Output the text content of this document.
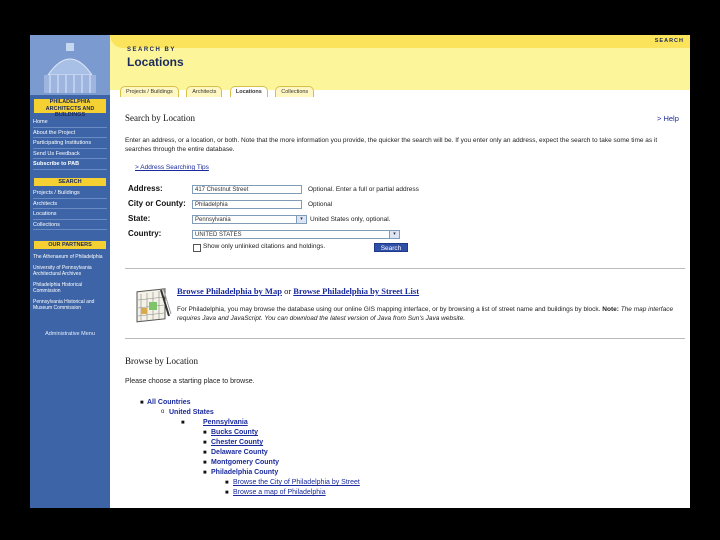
PHILADELPHIA ARCHITECTS AND BUILDINGS
Home
About the Project
Participating Institutions
Send Us Feedback
Subscribe to PAB
SEARCH
Projects / Buildings
Architects
Locations
Collections
OUR PARTNERS
The Athenaeum of Philadelphia
University of Pennsylvania Architectural Archives
Philadelphia Historical Commission
Pennsylvania Historical and Museum Commission
Administrative Menu
SEARCH BY
Locations
SEARCH
Projects / Buildings	Architects	Locations	Collections
Search by Location	> Help
Enter an address, or a location, or both. Note that the more information you provide, the quicker the search will be. If you enter only an address, expect the search to take some time as it searches through the entire database.
> Address Searching Tips
Address:	417 Chestnut Street	Optional. Enter a full or partial address
City or County:	Philadelphia	Optional
State:	Pennsylvania	▾	United States only, optional.
Country:	UNITED STATES	▾
Show only unlinked citations and holdings.	Search
Browse Philadelphia by Map or Browse Philadelphia by Street List
For Philadelphia, you may browse the database using our online GIS mapping interface, or by browsing a list of street name and buildings by block. Note: The map interface requires Java and JavaScript. You can download the latest version of Java from Sun's Java website.
Browse by Location
Please choose a starting place to browse.
■ All Countries
o United States
■	Pennsylvania
■ Bucks County
■ Chester County
■ Delaware County
■ Montgomery County
■ Philadelphia County
■ Browse the City of Philadelphia by Street
■ Browse a map of Philadelphia
